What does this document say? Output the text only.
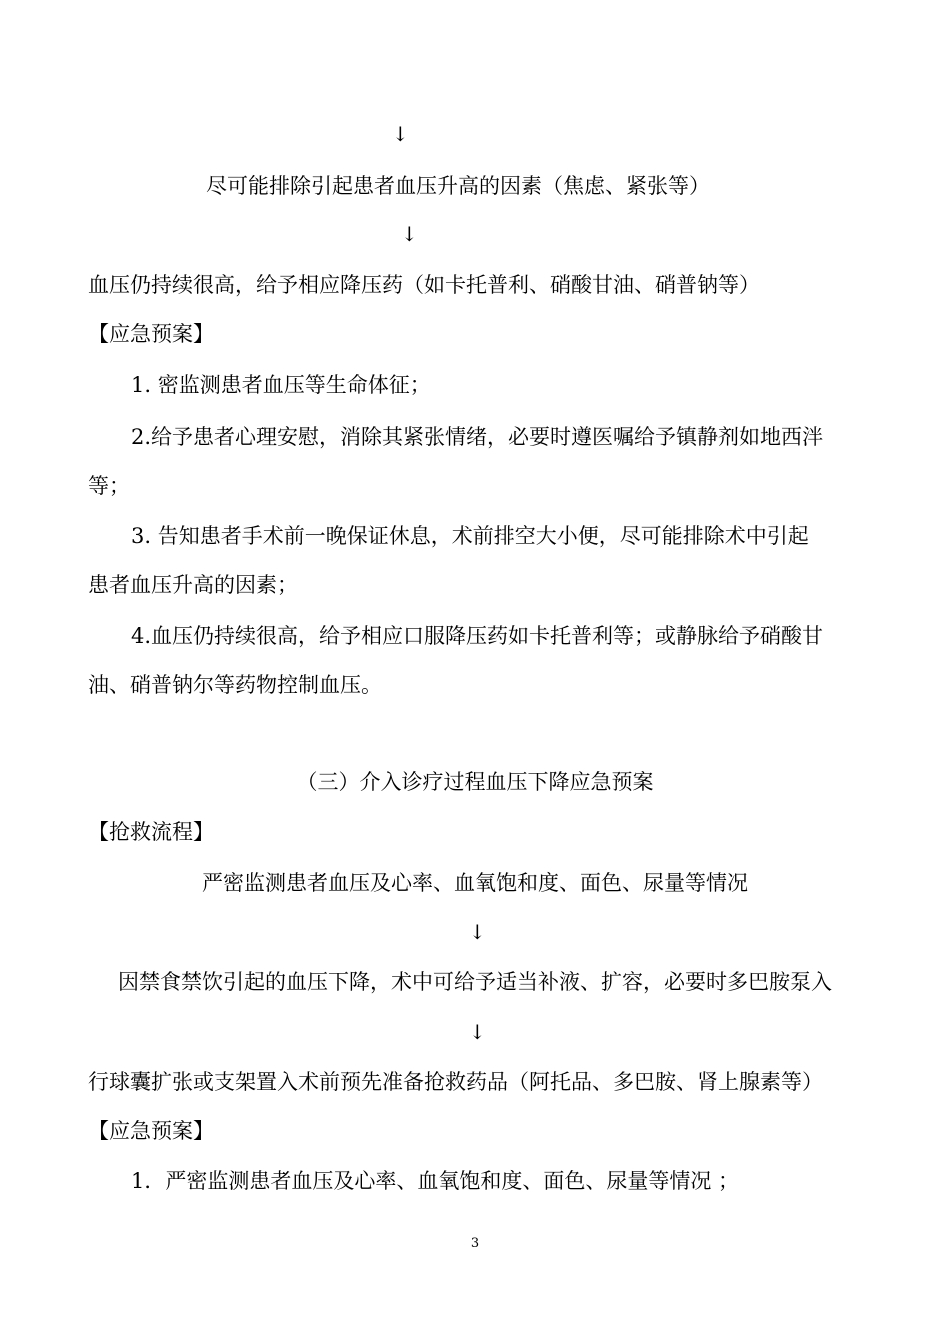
↓
尽可能排除引起患者血压升高的因素（焦虑、紧张等）
↓
血压仍持续很高，给予相应降压药（如卡托普利、硝酸甘油、硝普钠等）
【应急预案】
1. 密监测患者血压等生命体征；
2.给予患者心理安慰，消除其紧张情绪，必要时遵医嘱给予镇静剂如地西泮
等；
3. 告知患者手术前一晚保证休息，术前排空大小便，尽可能排除术中引起
患者血压升高的因素；
4.血压仍持续很高，给予相应口服降压药如卡托普利等；或静脉给予硝酸甘
油、硝普钠尔等药物控制血压。
（三）介入诊疗过程血压下降应急预案
【抢救流程】
严密监测患者血压及心率、血氧饱和度、面色、尿量等情况
↓
因禁食禁饮引起的血压下降，术中可给予适当补液、扩容，必要时多巴胺泵入
↓
行球囊扩张或支架置入术前预先准备抢救药品（阿托品、多巴胺、肾上腺素等）
【应急预案】
1．严密监测患者血压及心率、血氧饱和度、面色、尿量等情况 ；
3
